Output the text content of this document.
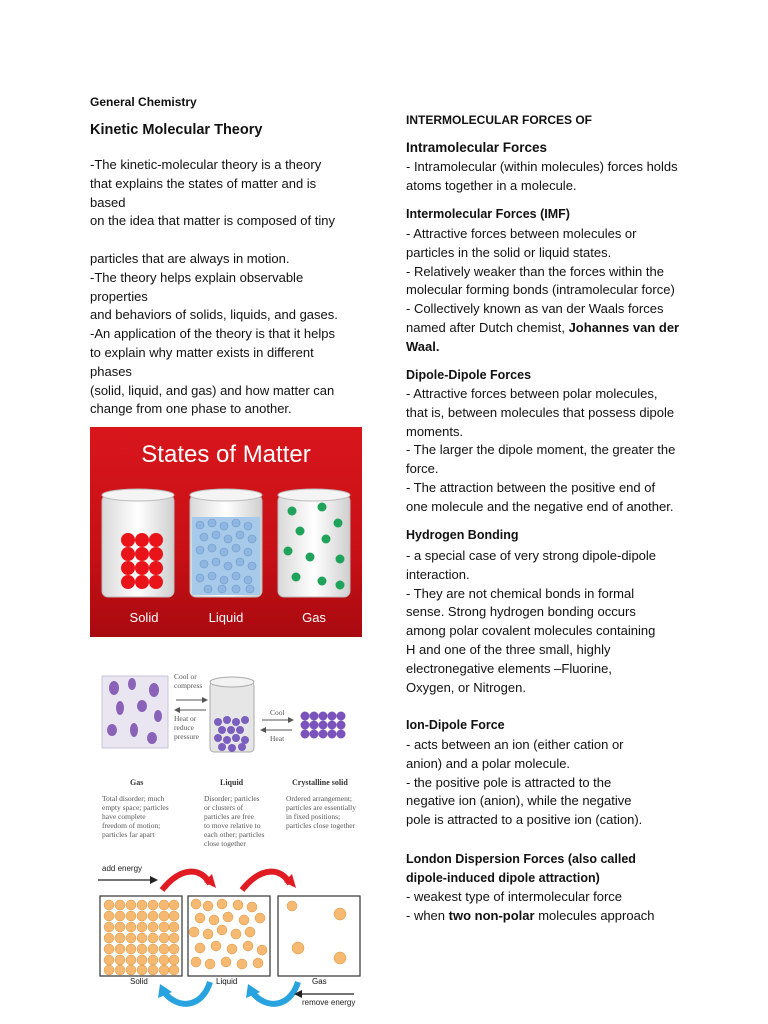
General Chemistry
Kinetic Molecular Theory
-The kinetic-molecular theory is a theory
that explains the states of matter and is
based
on the idea that matter is composed of tiny

particles that are always in motion.
-The theory helps explain observable
properties
and behaviors of solids, liquids, and gases.
-An application of the theory is that it helps
to explain why matter exists in different
phases
(solid, liquid, and gas) and how matter can
change from one phase to another.
States of Matter
Solid	Liquid	Gas
Cool or
compress
Heat or
reduce
pressure
Cool
Heat
Gas	Liquid	Crystalline solid
Total disorder; much
empty space; particles
have complete
freedom of motion;
particles far apart
Disorder; particles
or clusters of
particles are free
to move relative to
each other; particles
close together
Ordered arrangement;
particles are essentially
in fixed positions;
particles close together
add energy
remove energy
Solid	Liquid	Gas
INTERMOLECULAR FORCES OF
Intramolecular Forces
- Intramolecular (within molecules) forces holds
atoms together in a molecule.
Intermolecular Forces (IMF)
- Attractive forces between molecules or
particles in the solid or liquid states.
- Relatively weaker than the forces within the
molecular forming bonds (intramolecular force)
- Collectively known as van der Waals forces
named after Dutch chemist, Johannes van der
Waal.
Dipole-Dipole Forces
- Attractive forces between polar molecules,
that is, between molecules that possess dipole
moments.
- The larger the dipole moment, the greater the
force.
- The attraction between the positive end of
one molecule and the negative end of another.
Hydrogen Bonding
- a special case of very strong dipole-dipole
interaction.
- They are not chemical bonds in formal
sense. Strong hydrogen bonding occurs
among polar covalent molecules containing
H and one of the three small, highly
electronegative elements –Fluorine,
Oxygen, or Nitrogen.
Ion-Dipole Force
- acts between an ion (either cation or
anion) and a polar molecule.
- the positive pole is attracted to the
negative ion (anion), while the negative
pole is attracted to a positive ion (cation).
London Dispersion Forces (also called
dipole-induced dipole attraction)
- weakest type of intermolecular force
- when two non-polar molecules approach
